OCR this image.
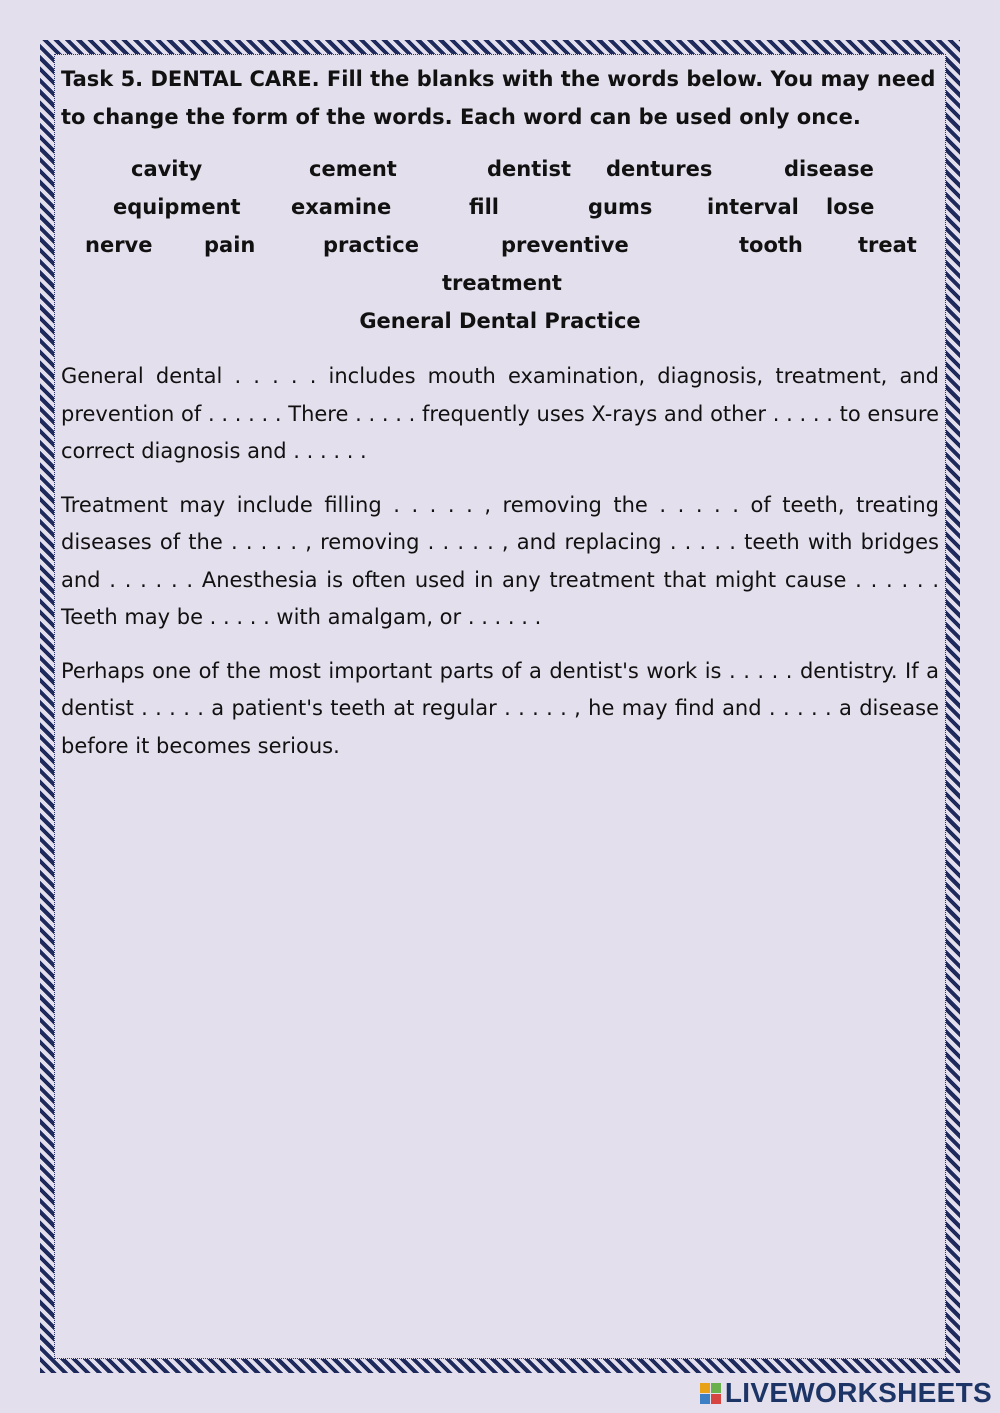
Task 5. DENTAL CARE. Fill the blanks with the words below. You may need to change the form of the words. Each word can be used only once.

cavity	cement	dentist dentures	disease
equipment examine	fill	gums	interval lose
nerve pain	practice	preventive	tooth	treat
treatment
General Dental Practice

General dental . . . . . includes mouth examination, diagnosis, treatment, and prevention of . . . . . . There . . . . . frequently uses X-rays and other . . . . . to ensure correct diagnosis and . . . . . .

Treatment may include filling . . . . . , removing the . . . . . of teeth, treating diseases of the . . . . . , removing . . . . . , and replacing . . . . . teeth with bridges and . . . . . . Anesthesia is often used in any treatment that might cause . . . . . . Teeth may be . . . . . with amalgam, or . . . . . .

Perhaps one of the most important parts of a dentist's work is . . . . . dentistry. If a dentist . . . . . a patient's teeth at regular . . . . . , he may find and . . . . . a disease before it becomes serious.

LIVEWORKSHEETS
